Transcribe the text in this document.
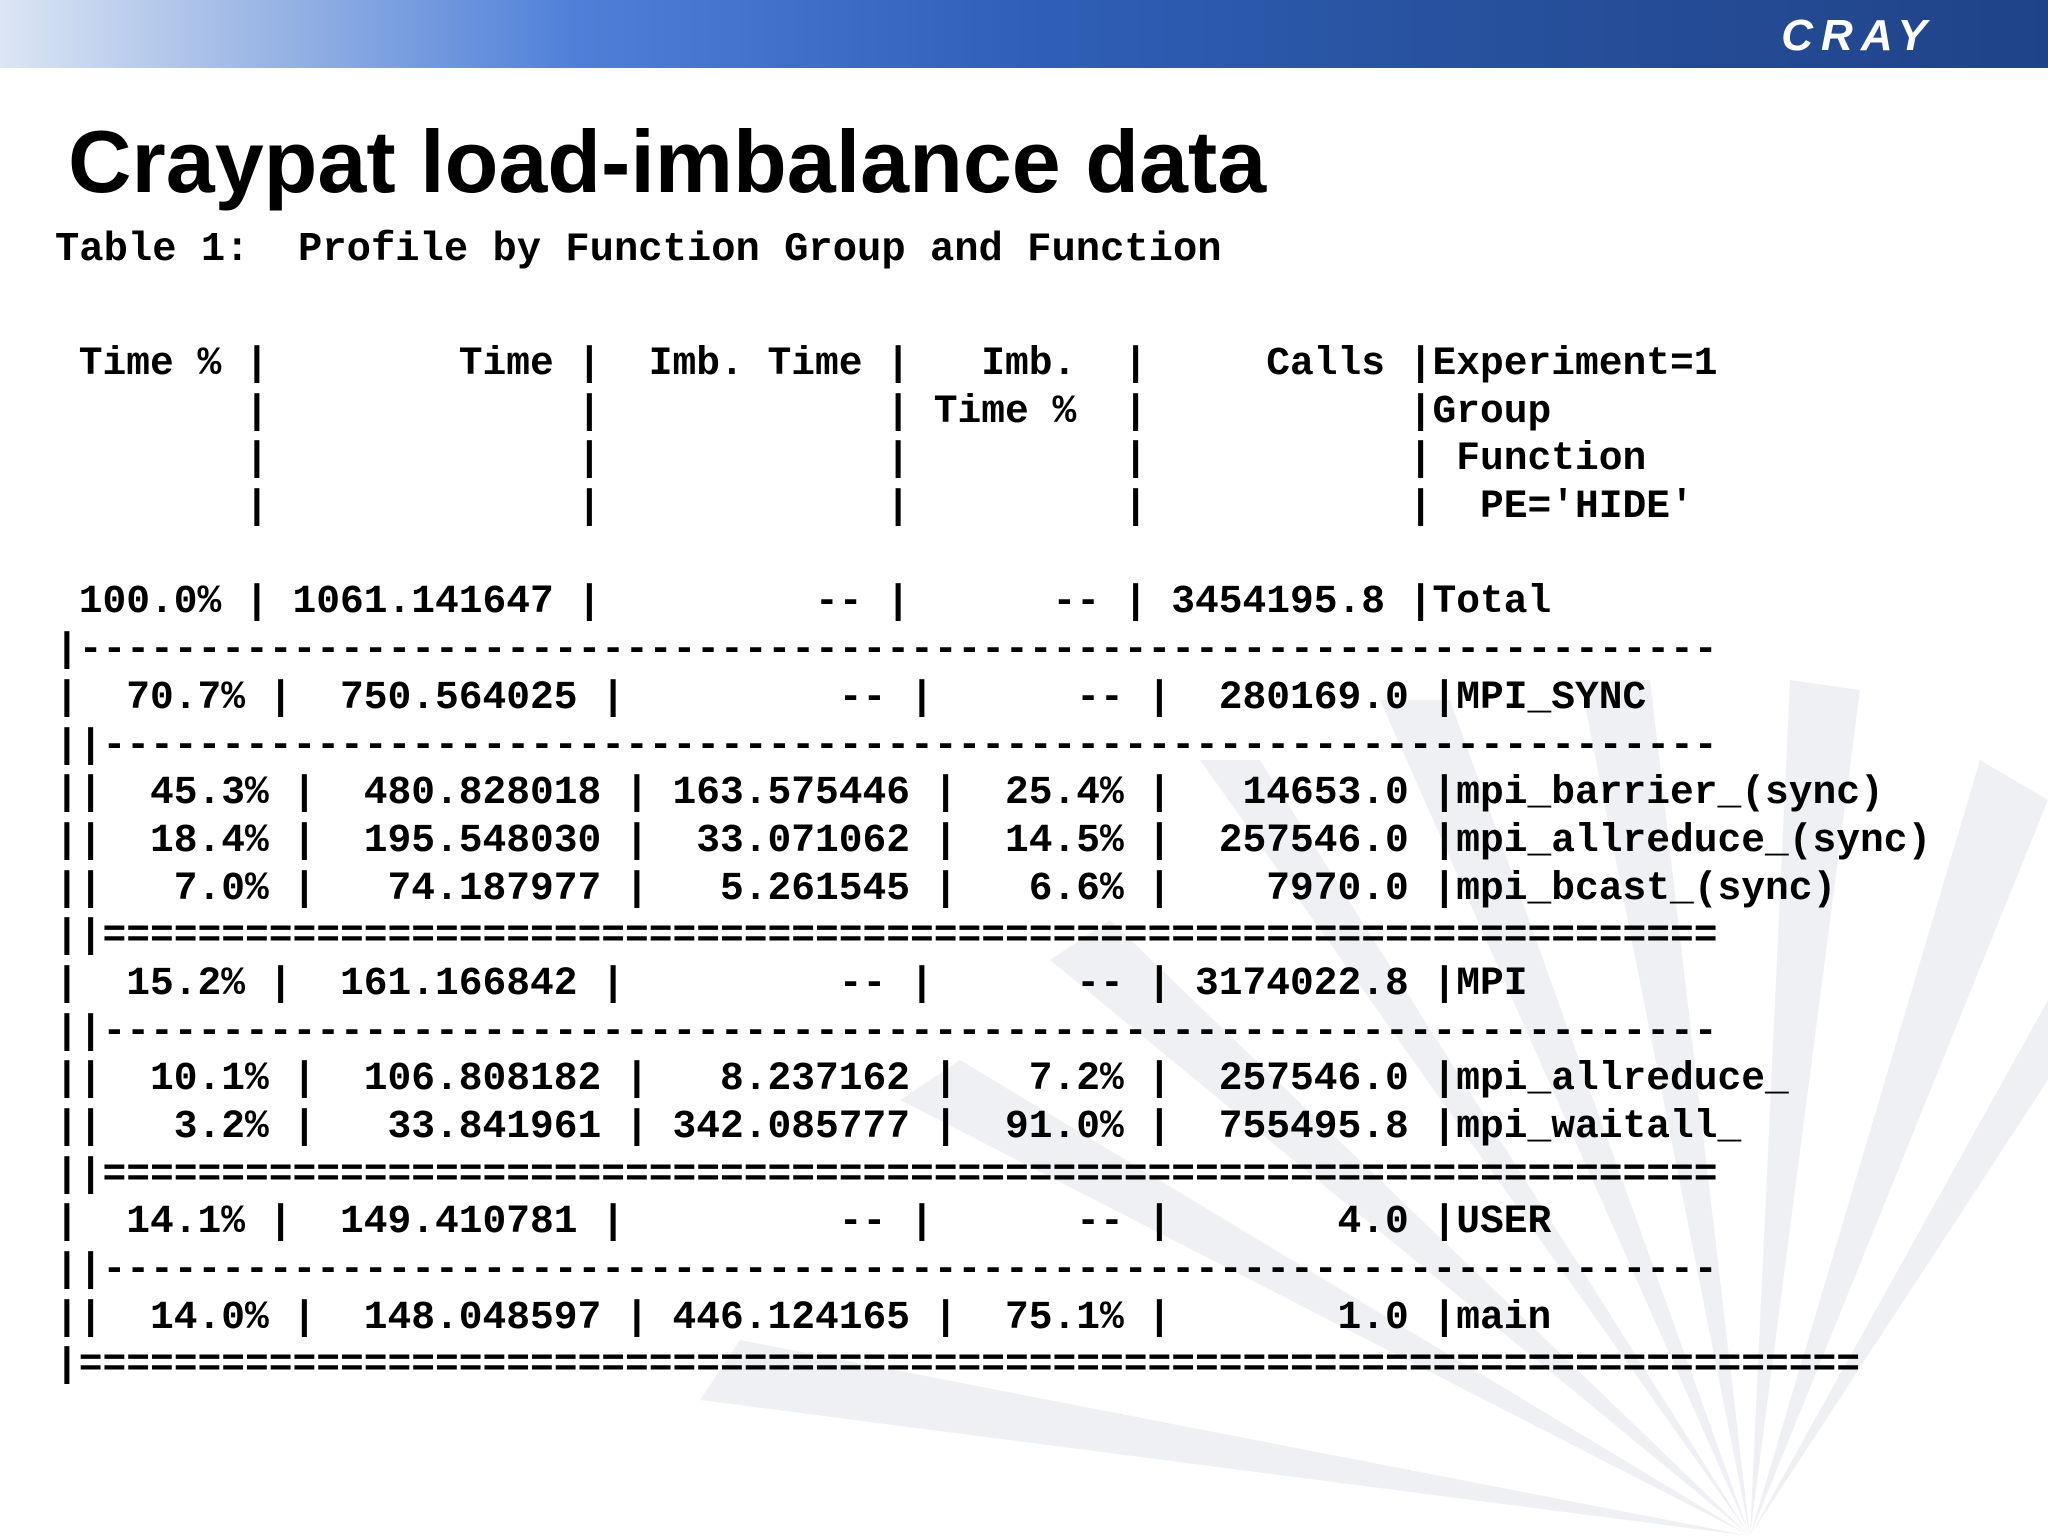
CRAY
Craypat load-imbalance data
Table 1:  Profile by Function Group and Function
Time % |        Time |  Imb. Time |   Imb.  |     Calls |Experiment=1
|             |            | Time %  |           |Group
|             |            |         |           | Function
|             |            |         |           |  PE='HIDE'
100.0% | 1061.141647 |         -- |      -- | 3454195.8 |Total
|---------------------------------------------------------------------
|  70.7% |  750.564025 |         -- |      -- |  280169.0 |MPI_SYNC
||--------------------------------------------------------------------
||  45.3% |  480.828018 | 163.575446 |  25.4% |   14653.0 |mpi_barrier_(sync)
||  18.4% |  195.548030 |  33.071062 |  14.5% |  257546.0 |mpi_allreduce_(sync)
||   7.0% |   74.187977 |   5.261545 |   6.6% |    7970.0 |mpi_bcast_(sync)
||====================================================================
|  15.2% |  161.166842 |         -- |      -- | 3174022.8 |MPI
||--------------------------------------------------------------------
||  10.1% |  106.808182 |   8.237162 |   7.2% |  257546.0 |mpi_allreduce_
||   3.2% |   33.841961 | 342.085777 |  91.0% |  755495.8 |mpi_waitall_
||====================================================================
|  14.1% |  149.410781 |         -- |      -- |       4.0 |USER
||--------------------------------------------------------------------
||  14.0% |  148.048597 | 446.124165 |  75.1% |       1.0 |main
|===========================================================================
